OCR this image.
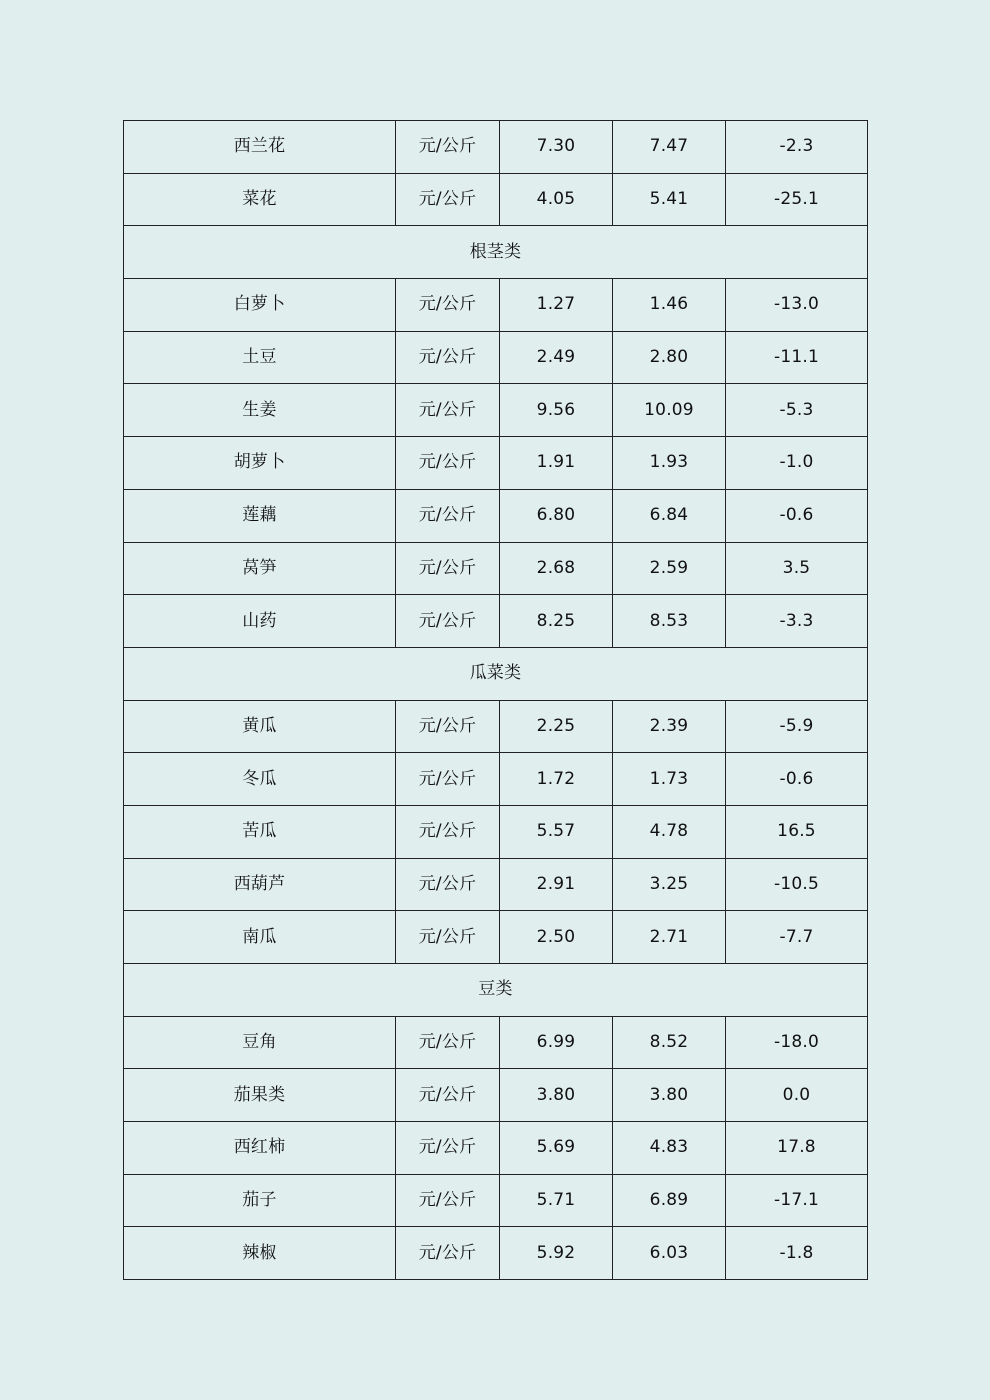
西兰花	元/公斤	7.30	7.47	-2.3
菜花	元/公斤	4.05	5.41	-25.1
根茎类				
白萝卜	元/公斤	1.27	1.46	-13.0
土豆	元/公斤	2.49	2.80	-11.1
生姜	元/公斤	9.56	10.09	-5.3
胡萝卜	元/公斤	1.91	1.93	-1.0
莲藕	元/公斤	6.80	6.84	-0.6
莴笋	元/公斤	2.68	2.59	3.5
山药	元/公斤	8.25	8.53	-3.3
瓜菜类				
黄瓜	元/公斤	2.25	2.39	-5.9
冬瓜	元/公斤	1.72	1.73	-0.6
苦瓜	元/公斤	5.57	4.78	16.5
西葫芦	元/公斤	2.91	3.25	-10.5
南瓜	元/公斤	2.50	2.71	-7.7
豆类				
豆角	元/公斤	6.99	8.52	-18.0
茄果类	元/公斤	3.80	3.80	0.0
西红柿	元/公斤	5.69	4.83	17.8
茄子	元/公斤	5.71	6.89	-17.1
辣椒	元/公斤	5.92	6.03	-1.8
